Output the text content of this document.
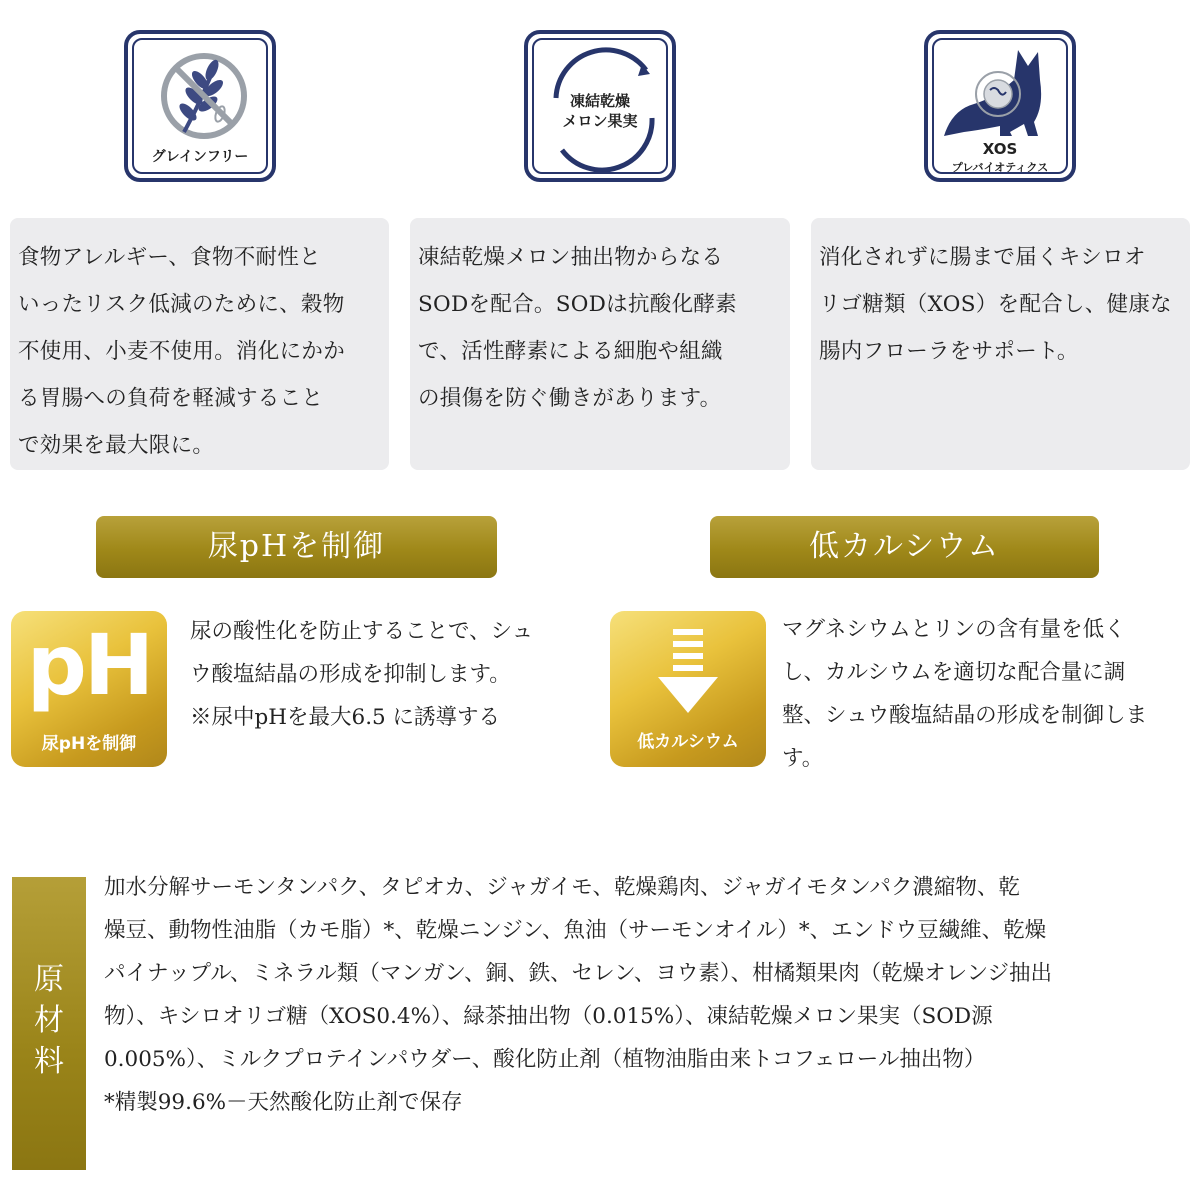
グレインフリー
凍結乾燥
メロン果実
XOS
プレバイオティクス
食物アレルギー、食物不耐性と
いったリスク低減のために、穀物
不使用、小麦不使用。消化にかか
る胃腸への負荷を軽減すること
で効果を最大限に。
凍結乾燥メロン抽出物からなる
SODを配合。SODは抗酸化酵素
で、活性酵素による細胞や組織
の損傷を防ぐ働きがあります。
消化されずに腸まで届くキシロオ
リゴ糖類（XOS）を配合し、健康な
腸内フローラをサポート。
尿pHを制御	低カルシウム
pH
尿pHを制御
尿の酸性化を防止することで、シュ
ウ酸塩結晶の形成を抑制します。
※尿中pHを最大6.5 に誘導する
低カルシウム
マグネシウムとリンの含有量を低く
し、カルシウムを適切な配合量に調
整、シュウ酸塩結晶の形成を制御しま
す。
原
材
料
加水分解サーモンタンパク、タピオカ、ジャガイモ、乾燥鶏肉、ジャガイモタンパク濃縮物、乾
燥豆、動物性油脂（カモ脂）*、乾燥ニンジン、魚油（サーモンオイル）*、エンドウ豆繊維、乾燥
パイナップル、ミネラル類（マンガン、銅、鉄、セレン、ヨウ素）、柑橘類果肉（乾燥オレンジ抽出
物）、キシロオリゴ糖（XOS0.4%）、緑茶抽出物（0.015%）、凍結乾燥メロン果実（SOD源
0.005%）、ミルクプロテインパウダー、酸化防止剤（植物油脂由来トコフェロール抽出物）
*精製99.6%－天然酸化防止剤で保存
